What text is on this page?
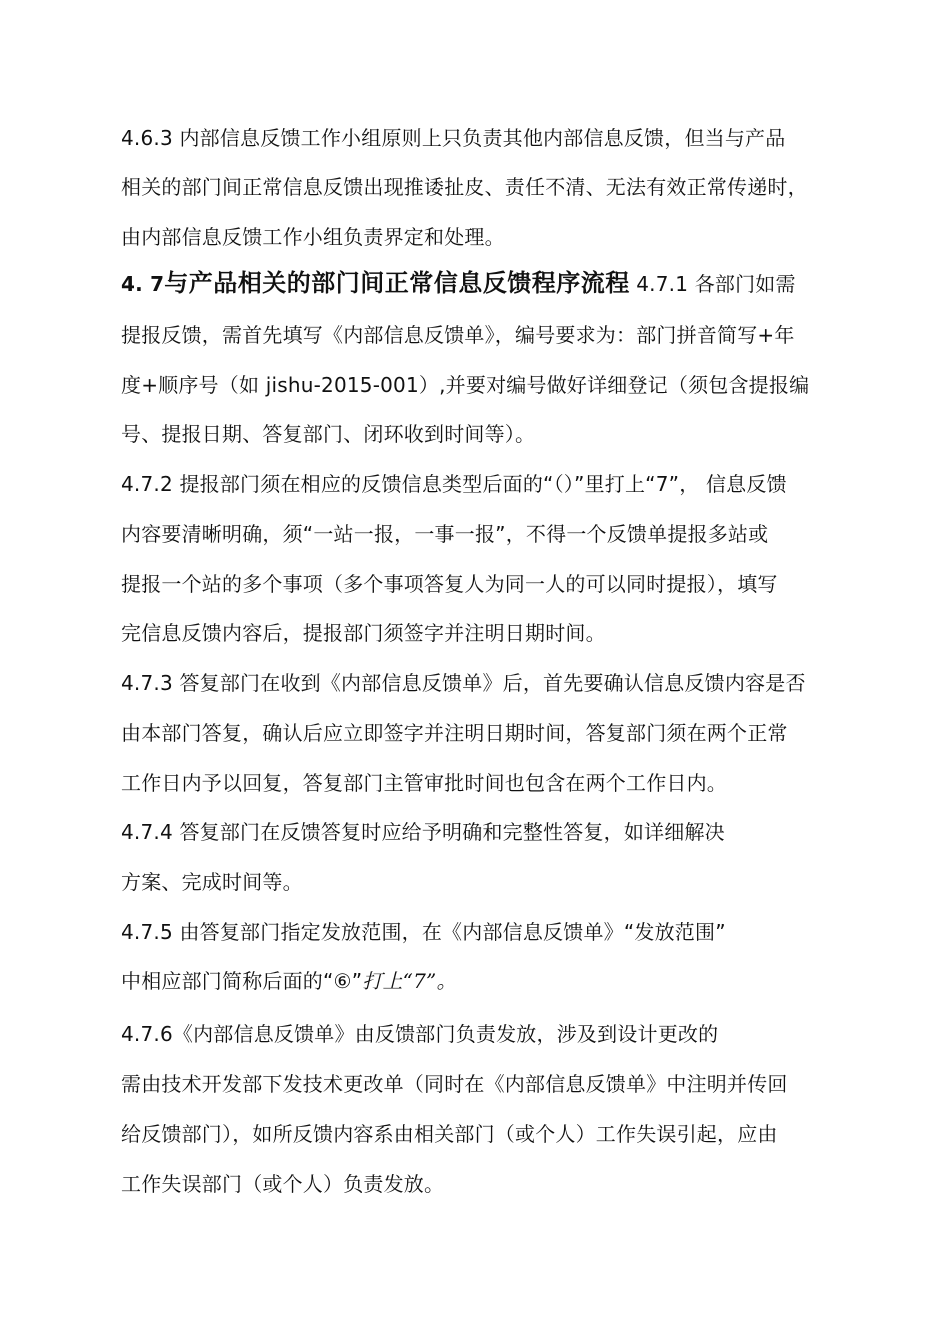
4.6.3 内部信息反馈工作小组原则上只负责其他内部信息反馈，但当与产品
相关的部门间正常信息反馈出现推诿扯皮、责任不清、无法有效正常传递时，
由内部信息反馈工作小组负责界定和处理。
4. 7与产品相关的部门间正常信息反馈程序流程 4.7.1 各部门如需
提报反馈，需首先填写《内部信息反馈单》，编号要求为：部门拼音简写+年
度+顺序号（如 jishu-2015-001）,并要对编号做好详细登记（须包含提报编
号、提报日期、答复部门、闭环收到时间等）。
4.7.2 提报部门须在相应的反馈信息类型后面的“（）”里打上“7”， 信息反馈
内容要清晰明确，须“一站一报，一事一报”，不得一个反馈单提报多站或
提报一个站的多个事项（多个事项答复人为同一人的可以同时提报），填写
完信息反馈内容后，提报部门须签字并注明日期时间。
4.7.3 答复部门在收到《内部信息反馈单》后，首先要确认信息反馈内容是否
由本部门答复，确认后应立即签字并注明日期时间，答复部门须在两个正常
工作日内予以回复，答复部门主管审批时间也包含在两个工作日内。
4.7.4 答复部门在反馈答复时应给予明确和完整性答复，如详细解决
方案、完成时间等。
4.7.5 由答复部门指定发放范围，在《内部信息反馈单》“发放范围”
中相应部门简称后面的“⑥”打上“7”。
4.7.6《内部信息反馈单》由反馈部门负责发放，涉及到设计更改的
需由技术开发部下发技术更改单（同时在《内部信息反馈单》中注明并传回
给反馈部门），如所反馈内容系由相关部门（或个人）工作失误引起，应由
工作失误部门（或个人）负责发放。
